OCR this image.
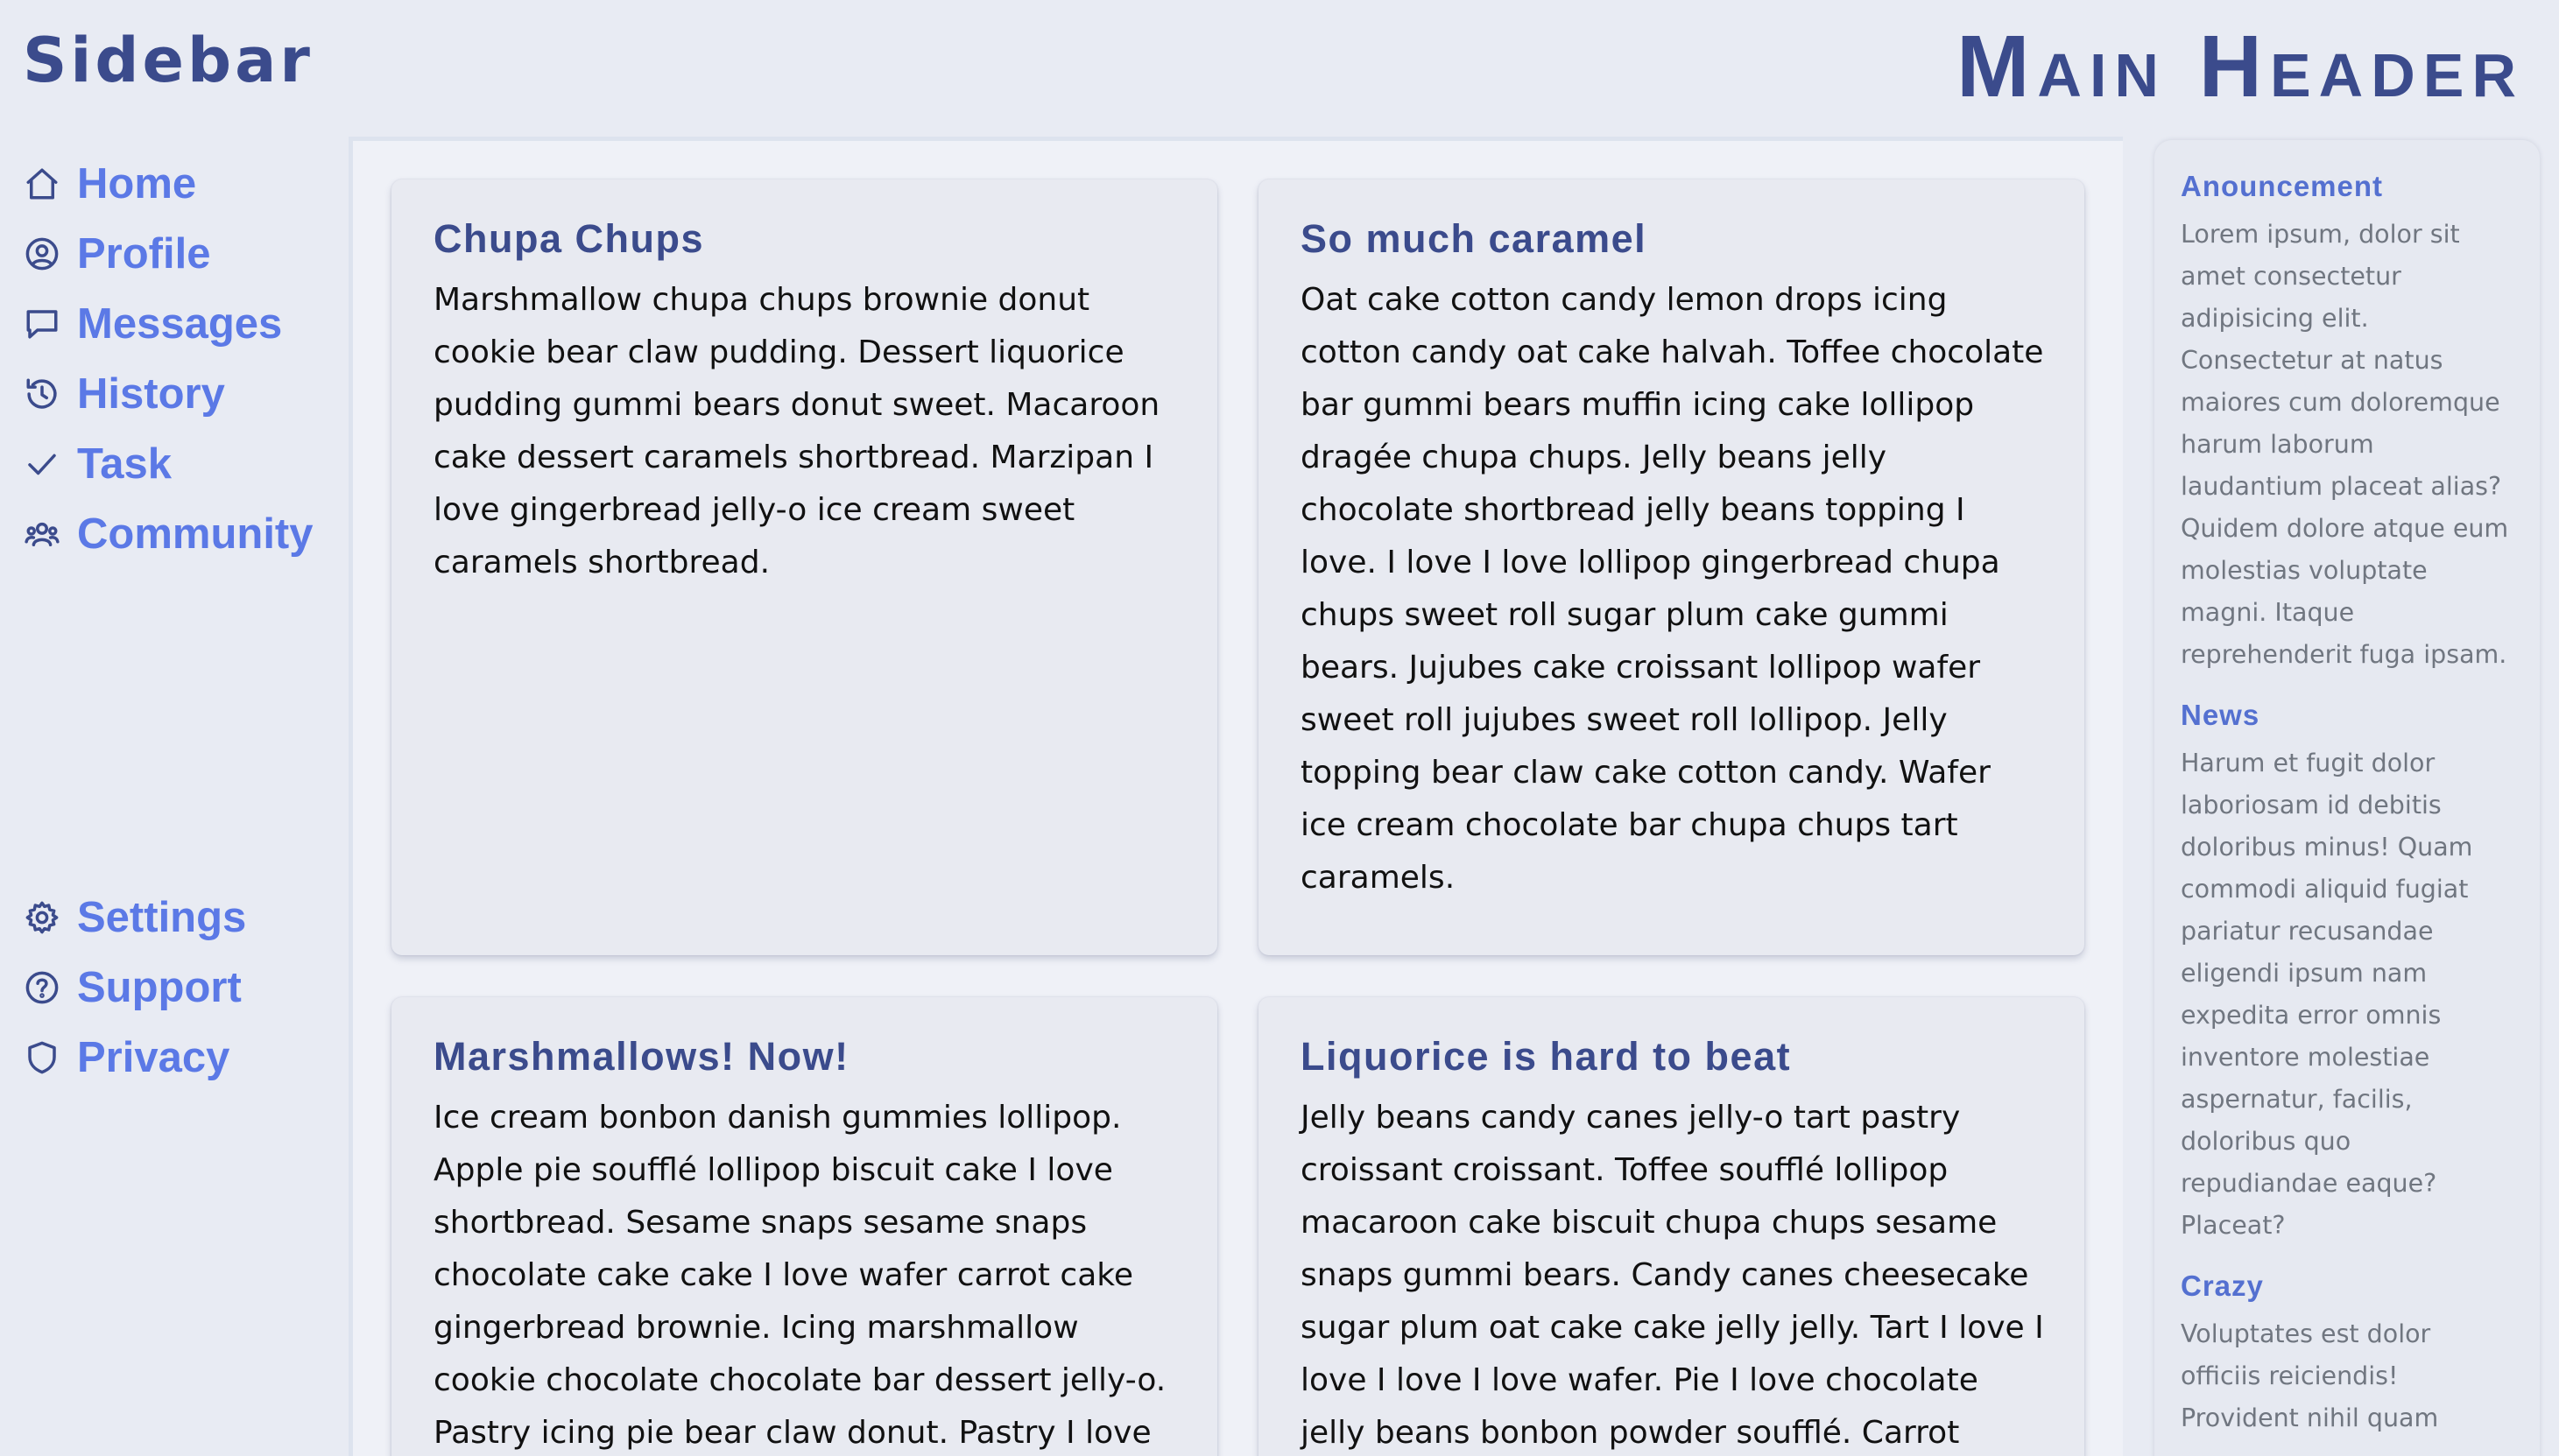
Sidebar
Home
Profile
Messages
History
Task
Community
Settings
Support
Privacy
Main Header
Chupa Chups

Marshmallow chupa chups brownie donut cookie bear claw pudding. Dessert liquorice pudding gummi bears donut sweet. Macaroon cake dessert caramels shortbread. Marzipan I love gingerbread jelly-o ice cream sweet caramels shortbread.

So much caramel

Oat cake cotton candy lemon drops icing cotton candy oat cake halvah. Toffee chocolate bar gummi bears muffin icing cake lollipop dragée chupa chups. Jelly beans jelly chocolate shortbread jelly beans topping I love. I love I love lollipop gingerbread chupa chups sweet roll sugar plum cake gummi bears. Jujubes cake croissant lollipop wafer sweet roll jujubes sweet roll lollipop. Jelly topping bear claw cake cotton candy. Wafer ice cream chocolate bar chupa chups tart caramels.

Marshmallows! Now!

Ice cream bonbon danish gummies lollipop. Apple pie soufflé lollipop biscuit cake I love shortbread. Sesame snaps sesame snaps chocolate cake cake I love wafer carrot cake gingerbread brownie. Icing marshmallow cookie chocolate chocolate bar dessert jelly-o. Pastry icing pie bear claw donut. Pastry I love

Liquorice is hard to beat

Jelly beans candy canes jelly-o tart pastry croissant croissant. Toffee soufflé lollipop macaroon cake biscuit chupa chups sesame snaps gummi bears. Candy canes cheesecake sugar plum oat cake cake jelly jelly. Tart I love I love I love I love wafer. Pie I love chocolate jelly beans bonbon powder soufflé. Carrot

Anouncement

Lorem ipsum, dolor sit amet consectetur adipisicing elit. Consectetur at natus maiores cum doloremque harum laborum laudantium placeat alias? Quidem dolore atque eum molestias voluptate magni. Itaque reprehenderit fuga ipsam.

News

Harum et fugit dolor laboriosam id debitis doloribus minus! Quam commodi aliquid fugiat pariatur recusandae eligendi ipsum nam expedita error omnis inventore molestiae aspernatur, facilis, doloribus quo repudiandae eaque? Placeat?

Crazy

Voluptates est dolor officiis reiciendis! Provident nihil quam
